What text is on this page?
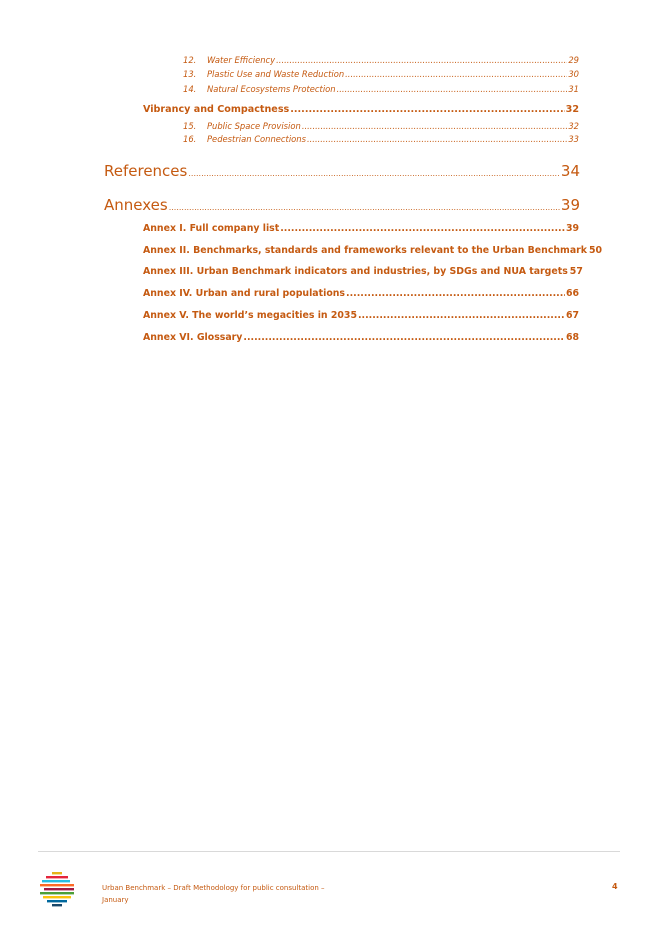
12.	Water Efficiency .....	29
13.	Plastic Use and Waste Reduction .....	30
14.	Natural Ecosystems Protection .....	31
Vibrancy and Compactness .....	32
15.	Public Space Provision .....	32
16.	Pedestrian Connections .....	33
References .....	34
Annexes .....	39
Annex I. Full company list .....	39
Annex II. Benchmarks, standards and frameworks relevant to the Urban Benchmark 50
Annex III. Urban Benchmark indicators and industries, by SDGs and NUA targets 57
Annex IV. Urban and rural populations .....	66
Annex V. The world’s megacities in 2035 .....	67
Annex VI. Glossary .....	68
Urban Benchmark – Draft Methodology for public consultation –
January
4
